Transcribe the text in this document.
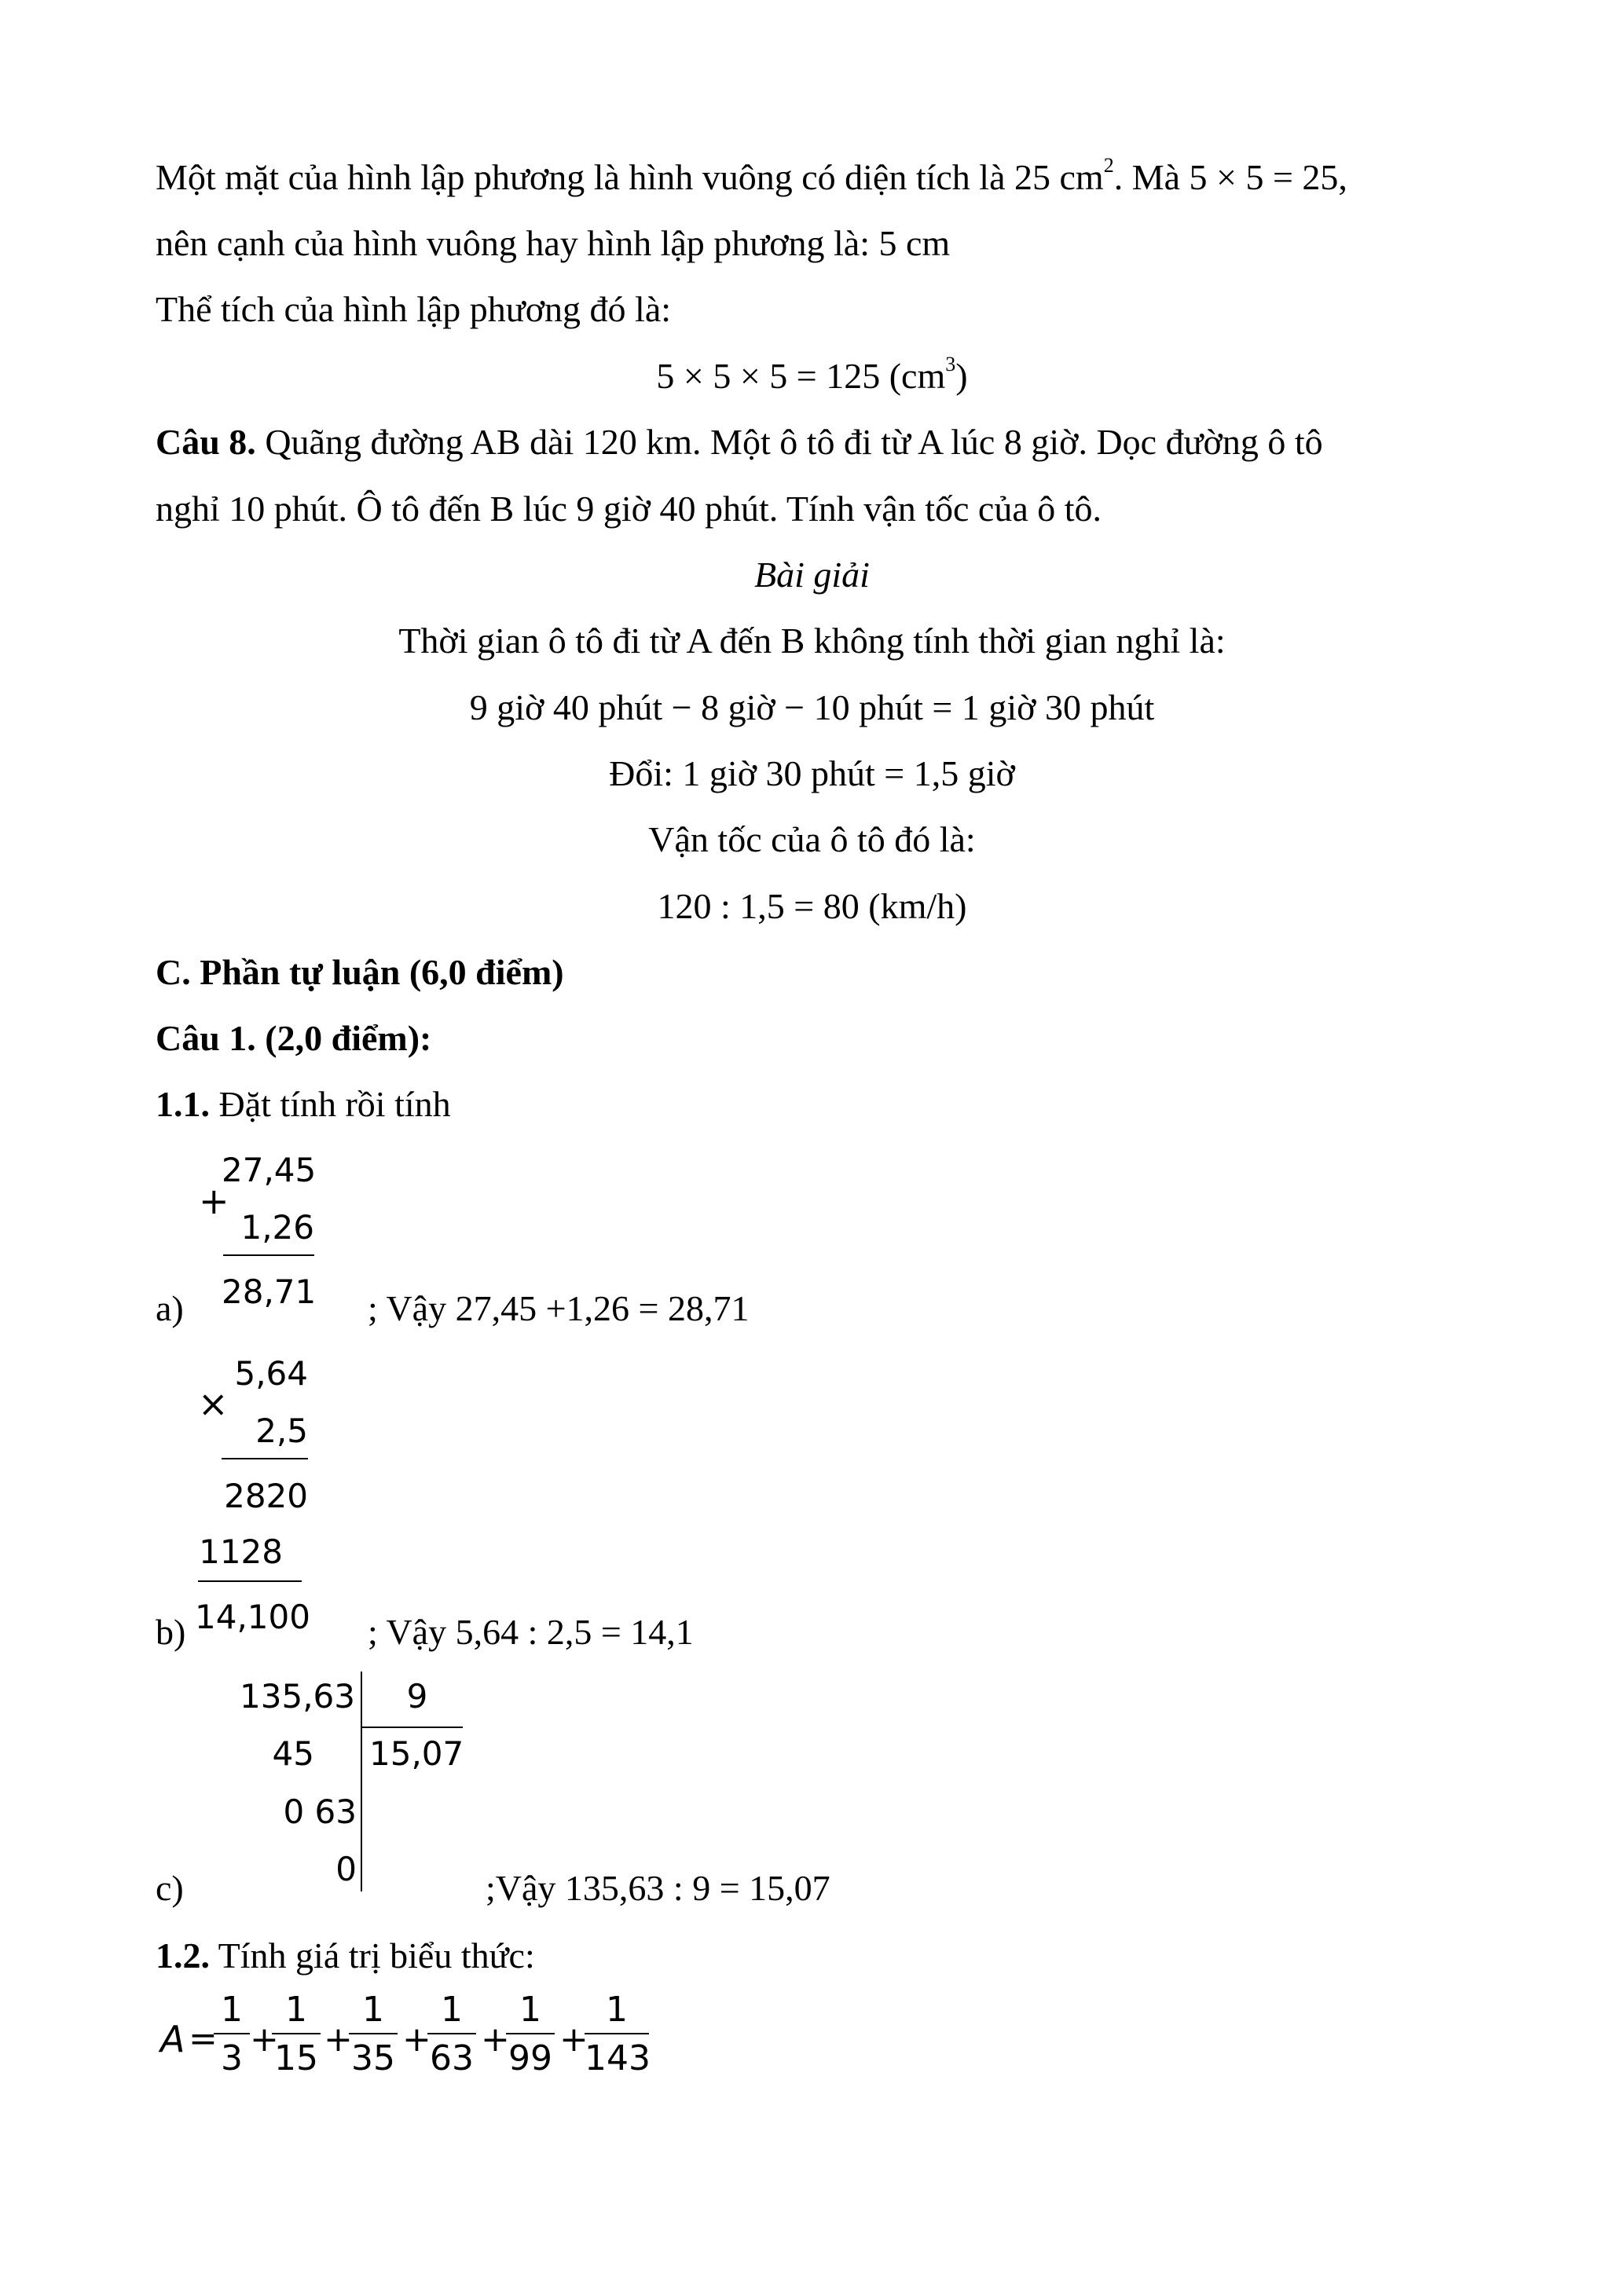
Một mặt của hình lập phương là hình vuông có diện tích là 25 $cm^2$. Mà 5 × 5 = 25,
nên cạnh của hình vuông hay hình lập phương là: 5 cm
Thể tích của hình lập phương đó là:
5 × 5 × 5 = 125 $(cm^3)$
Câu 8. Quãng đường AB dài 120 km. Một ô tô đi từ A lúc 8 giờ. Dọc đường ô tô
nghỉ 10 phút. Ô tô đến B lúc 9 giờ 40 phút. Tính vận tốc của ô tô.
Bài giải
Thời gian ô tô đi từ A đến B không tính thời gian nghỉ là:
9 giờ 40 phút − 8 giờ − 10 phút = 1 giờ 30 phút
Đổi: 1 giờ 30 phút = 1,5 giờ
Vận tốc của ô tô đó là:
120 : 1,5 = 80 (km/h)
C. Phần tự luận (6,0 điểm)
Câu 1. (2,0 điểm):
1.1. Đặt tính rồi tính
+
27,45
1,26
28,71
a)	; Vậy 27,45 +1,26 = 28,71
×
5,64
2,5
2820
1128
14,100
b)	; Vậy 5,64 : 2,5 = 14,1
135,63	9
15,07
45
0 63
0
c)	;Vậy 135,63 : 9 = 15,07
1.2. Tính giá trị biểu thức:
A =
1
3 +
1
15 +
1
35 +
1
63 +
1
99 +
1
143
